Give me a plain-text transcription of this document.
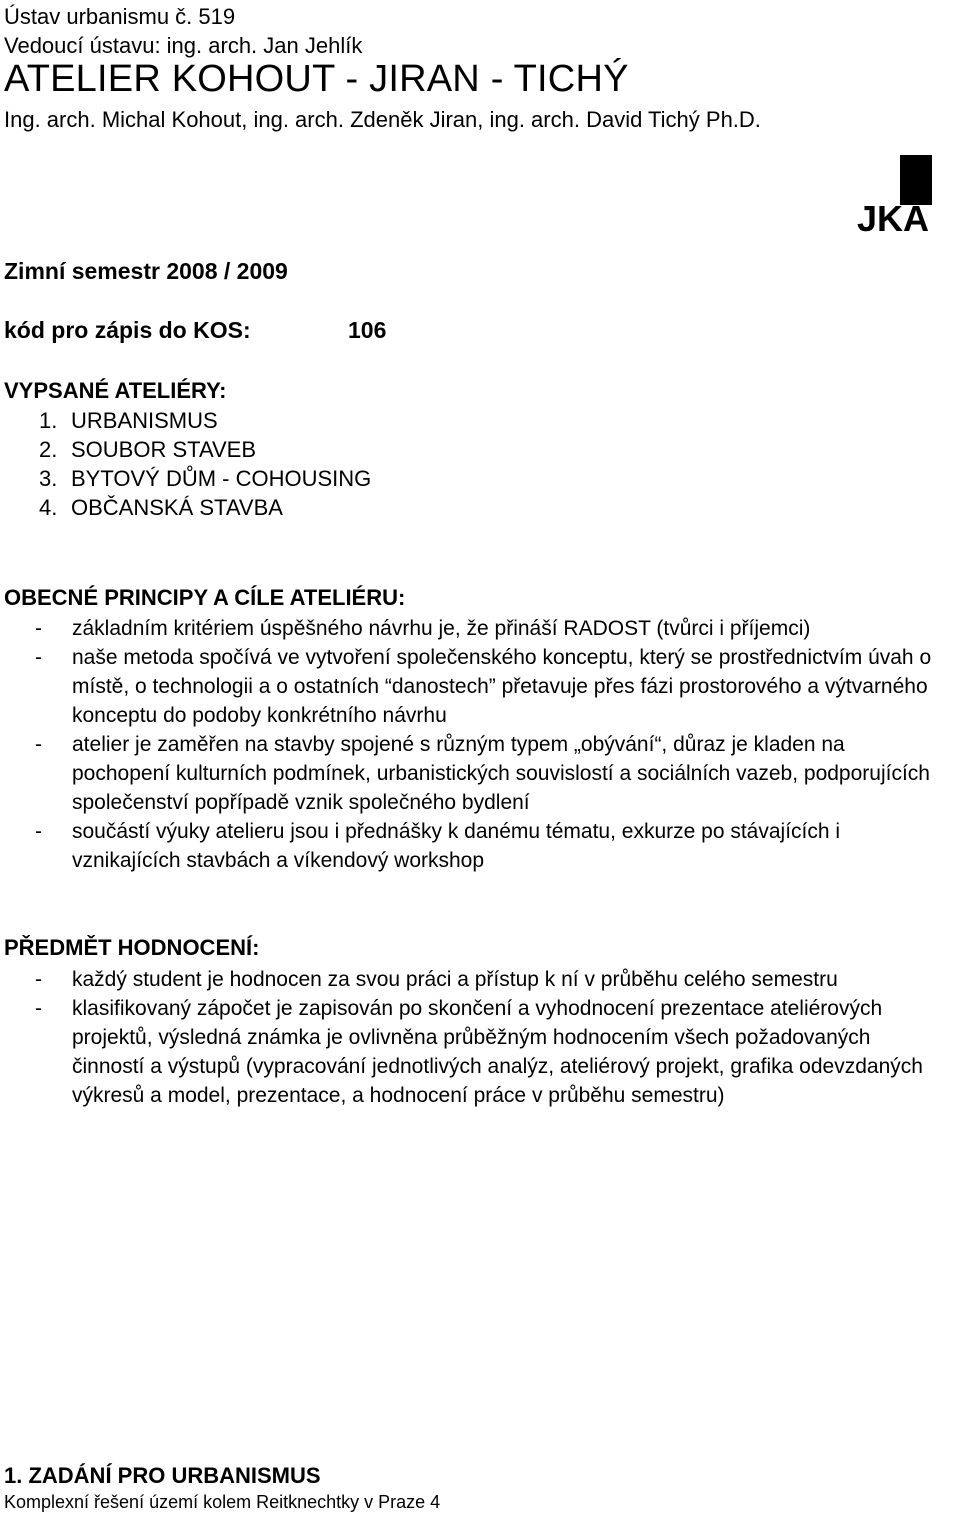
Ústav urbanismu č. 519
Vedoucí ústavu: ing. arch. Jan Jehlík
ATELIER KOHOUT - JIRAN - TICHÝ
Ing. arch. Michal Kohout, ing. arch. Zdeněk Jiran, ing. arch. David Tichý Ph.D.
JKA
Zimní semestr 2008 / 2009
kód pro zápis do KOS:	106
VYPSANÉ ATELIÉRY:
1. URBANISMUS
2. SOUBOR STAVEB
3. BYTOVÝ DŮM - COHOUSING
4. OBČANSKÁ STAVBA
OBECNÉ PRINCIPY A CÍLE ATELIÉRU:
- základním kritériem úspěšného návrhu je, že přináší RADOST (tvůrci i příjemci)
- naše metoda spočívá ve vytvoření společenského konceptu, který se prostřednictvím úvah o místě, o technologii a o ostatních “danostech” přetavuje přes fázi prostorového a výtvarného konceptu do podoby konkrétního návrhu
- atelier je zaměřen na stavby spojené s různým typem „obývání“, důraz je kladen na pochopení kulturních podmínek, urbanistických souvislostí a sociálních vazeb, podporujících společenství popřípadě vznik společného bydlení
- součástí výuky atelieru jsou i přednášky k danému tématu, exkurze po stávajících i vznikajících stavbách a víkendový workshop
PŘEDMĚT HODNOCENÍ:
- každý student je hodnocen za svou práci a přístup k ní v průběhu celého semestru
- klasifikovaný zápočet je zapisován po skončení a vyhodnocení prezentace ateliérových projektů, výsledná známka je ovlivněna průběžným hodnocením všech požadovaných činností a výstupů (vypracování jednotlivých analýz, ateliérový projekt, grafika odevzdaných výkresů a model, prezentace, a hodnocení práce v průběhu semestru)
1. ZADÁNÍ PRO URBANISMUS
Komplexní řešení území kolem Reitknechtky v Praze 4
